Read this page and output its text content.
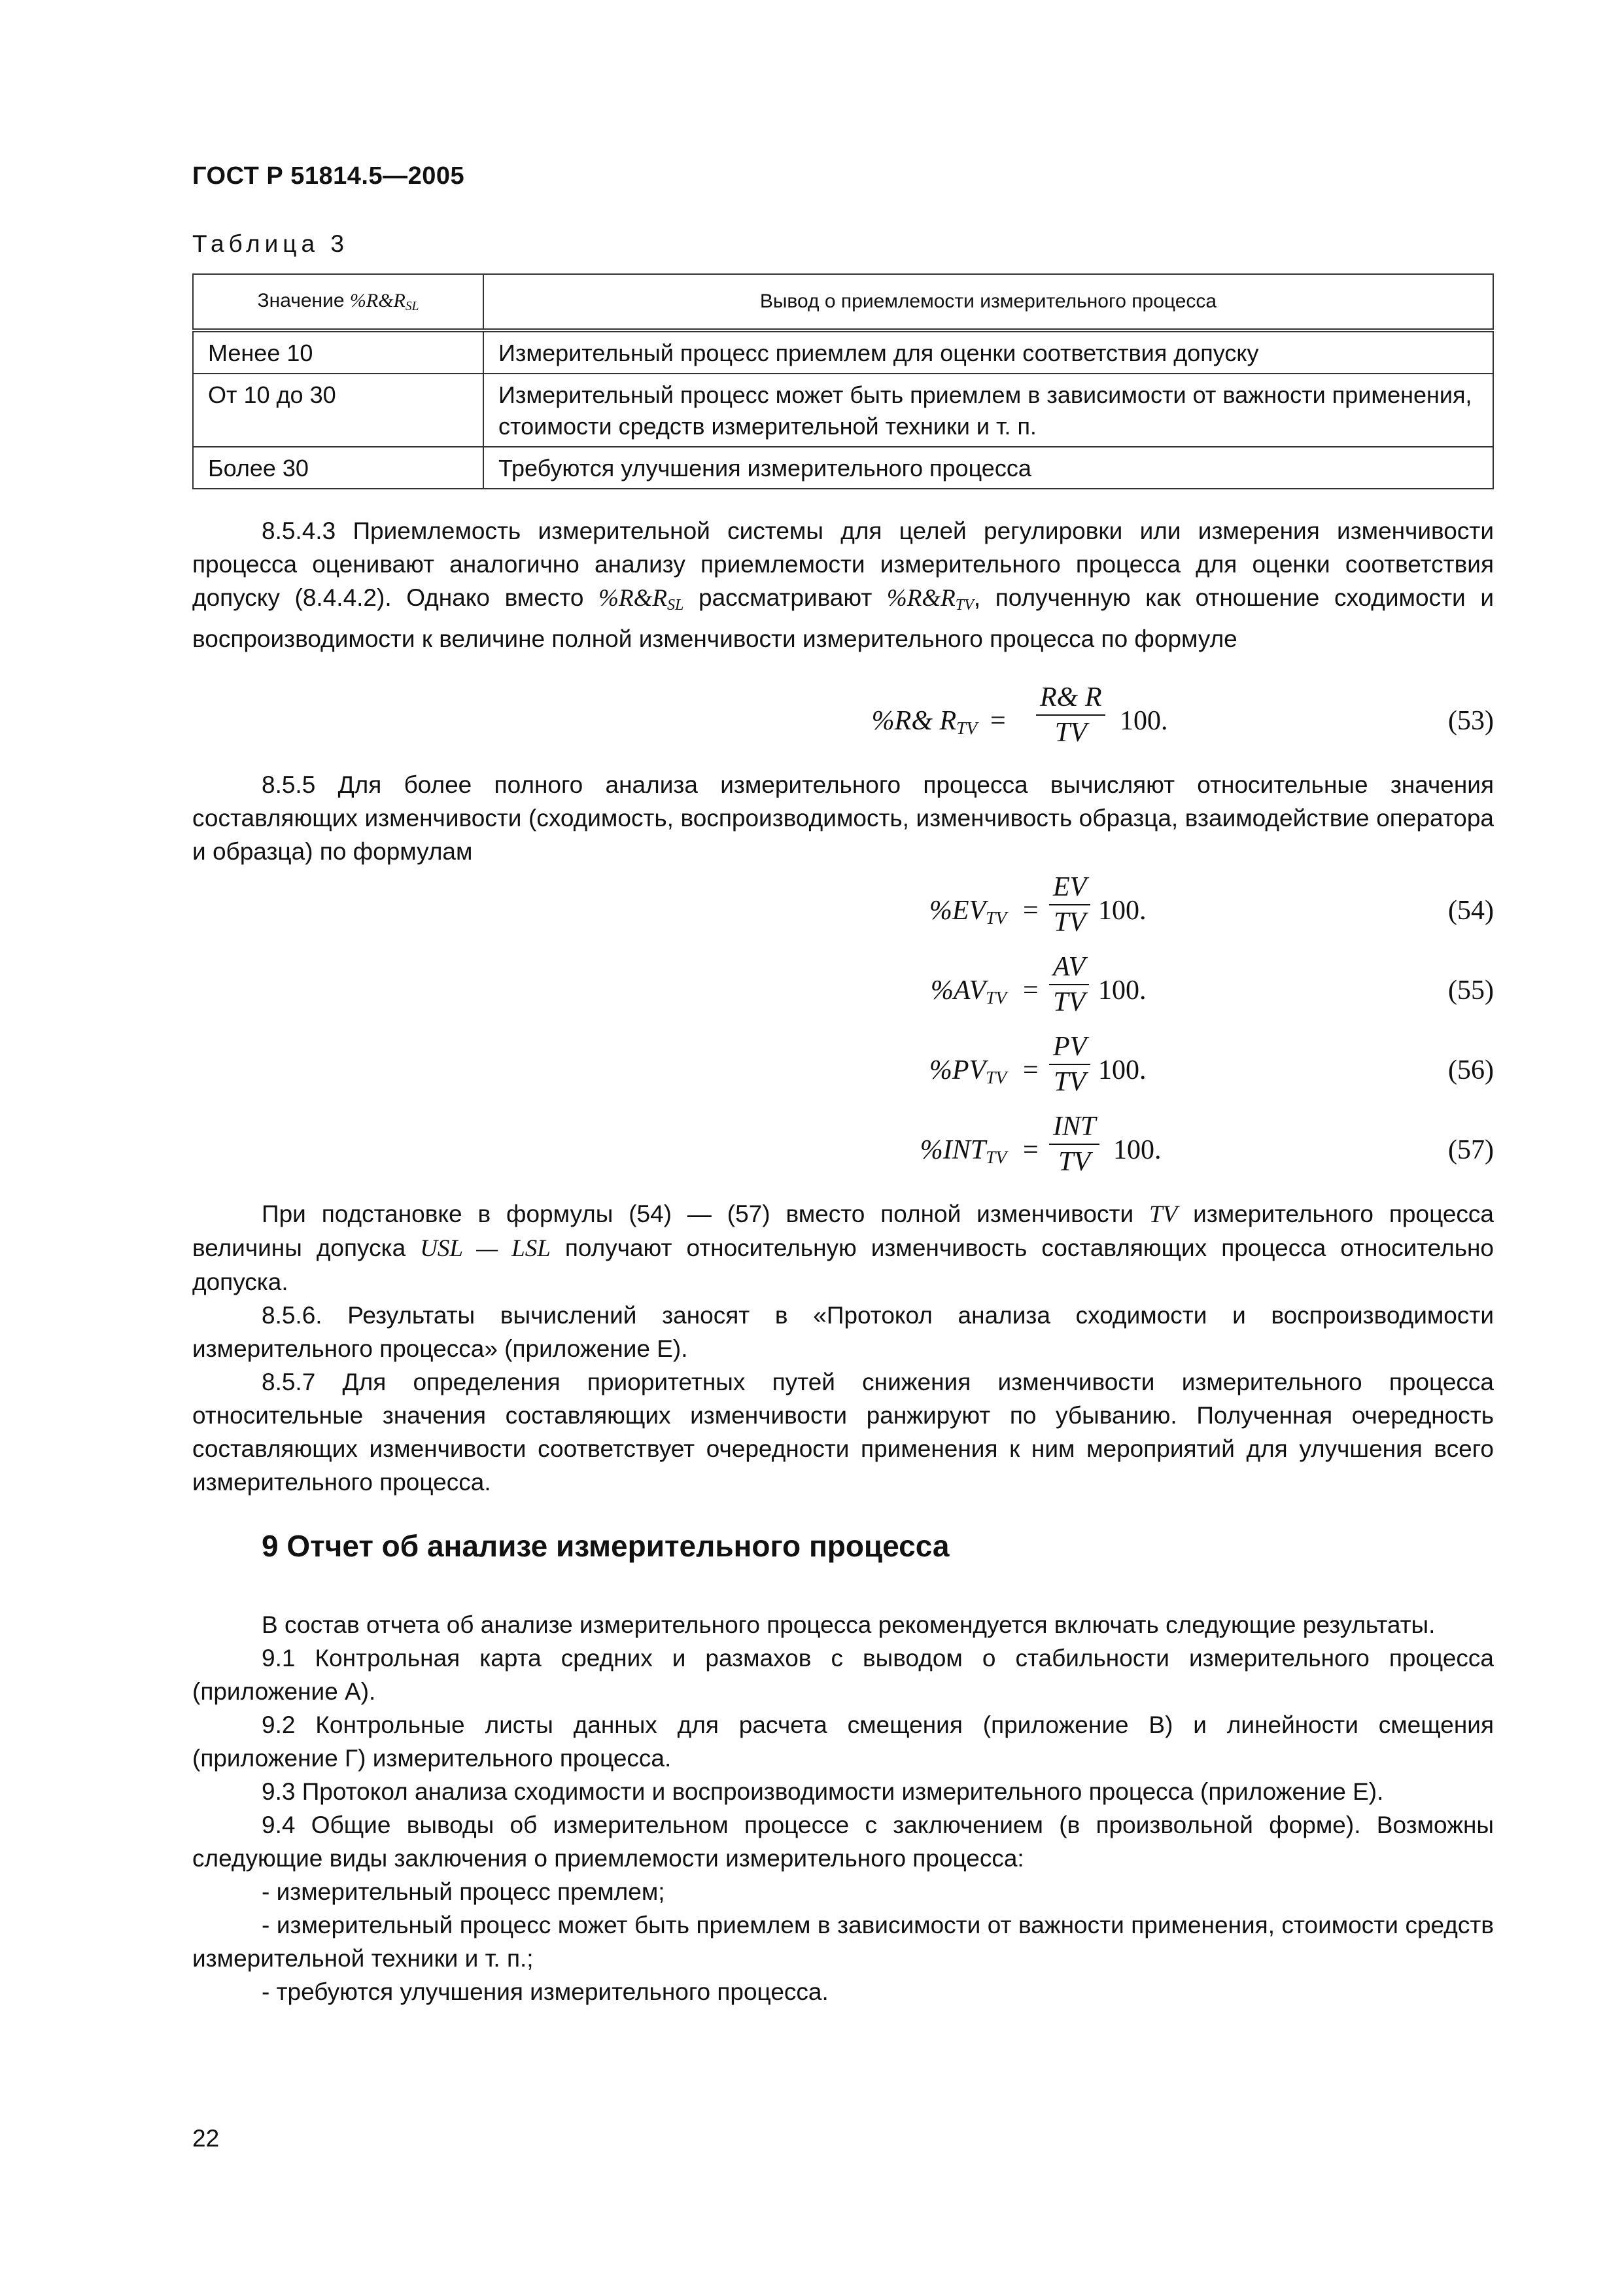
ГОСТ Р 51814.5—2005
Таблица 3
Значение $\%R\&R_{SL}$	Вывод о приемлемости измерительного процесса
Менее 10	Измерительный процесс приемлем для оценки соответствия допуску
От 10 до 30	Измерительный процесс может быть приемлем в зависимости от важности применения, стоимости средств измерительной техники и т. п.
Более 30	Требуются улучшения измерительного процесса

8.5.4.3 Приемлемость измерительной системы для целей регулировки или измерения изменчивости процесса оценивают аналогично анализу приемлемости измерительного процесса для оценки соответствия допуску (8.4.4.2). Однако вместо $\%R\&R_{SL}$ рассматривают $\%R\&R_{TV}$, полученную как отношение сходимости и воспроизводимости к величине полной изменчивости измерительного процесса по формуле

%R& $R_{TV} = \frac{R\& R}{TV} 100$.	(53)

8.5.5 Для более полного анализа измерительного процесса вычисляют относительные значения составляющих изменчивости (сходимость, воспроизводимость, изменчивость образца, взаимодействие оператора и образца) по формулам

$\%EV_{TV} = \frac{EV}{TV} 100$.	(54)
$\%AV_{TV} = \frac{AV}{TV} 100$.	(55)
$\%PV_{TV} = \frac{PV}{TV} 100$.	(56)
$\%INT_{TV}$ =
INT
TV 100.	(57)

При подстановке в формулы (54) — (57) вместо полной изменчивости TV измерительного процесса величины допуска USL — LSL получают относительную изменчивость составляющих процесса относительно допуска.

8.5.6. Результаты вычислений заносят в «Протокол анализа сходимости и воспроизводимости измерительного процесса» (приложение Е).

8.5.7 Для определения приоритетных путей снижения изменчивости измерительного процесса относительные значения составляющих изменчивости ранжируют по убыванию. Полученная очередность составляющих изменчивости соответствует очередности применения к ним мероприятий для улучшения всего измерительного процесса.

9 Отчет об анализе измерительного процесса

В состав отчета об анализе измерительного процесса рекомендуется включать следующие результаты.

9.1 Контрольная карта средних и размахов с выводом о стабильности измерительного процесса (приложение А).

9.2 Контрольные листы данных для расчета смещения (приложение В) и линейности смещения (приложение Г) измерительного процесса.

9.3 Протокол анализа сходимости и воспроизводимости измерительного процесса (приложение Е).

9.4 Общие выводы об измерительном процессе с заключением (в произвольной форме). Возможны следующие виды заключения о приемлемости измерительного процесса:

- измерительный процесс премлем;

- измерительный процесс может быть приемлем в зависимости от важности применения, стоимости средств измерительной техники и т. п.;

- требуются улучшения измерительного процесса.

22
